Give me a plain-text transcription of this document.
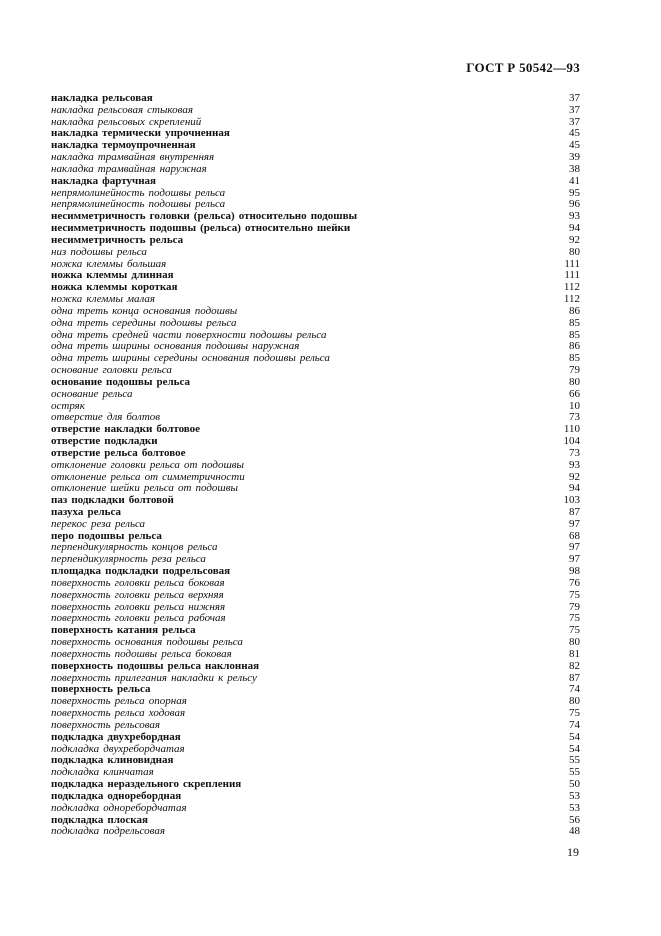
ГОСТ Р 50542—93
накладка рельсовая	37
накладка рельсовая стыковая	37
накладка рельсовых скреплений	37
накладка термически упрочненная	45
накладка термоупрочненная	45
накладка трамвайная внутренняя	39
накладка трамвайная наружная	38
накладка фартучная	41
непрямолинейность подошвы рельса	95
непрямолинейность подошвы рельса	96
несимметричность головки (рельса) относительно подошвы	93
несимметричность подошвы (рельса) относительно шейки	94
несимметричность рельса	92
низ подошвы рельса	80
ножка клеммы большая	111
ножка клеммы длинная	111
ножка клеммы короткая	112
ножка клеммы малая	112
одна треть конца основания подошвы	86
одна треть середины подошвы рельса	85
одна треть средней части поверхности подошвы рельса	85
одна треть ширины основания подошвы наружная	86
одна треть ширины середины основания подошвы рельса	85
основание головки рельса	79
основание подошвы рельса	80
основание рельса	66
остряк	10
отверстие для болтов	73
отверстие накладки болтовое	110
отверстие подкладки	104
отверстие рельса болтовое	73
отклонение головки рельса от подошвы	93
отклонение рельса от симметричности	92
отклонение шейки рельса от подошвы	94
паз подкладки болтовой	103
пазуха рельса	87
перекос реза рельса	97
перо подошвы рельса	68
перпендикулярность концов рельса	97
перпендикулярность реза рельса	97
площадка подкладки подрельсовая	98
поверхность головки рельса боковая	76
поверхность головки рельса верхняя	75
поверхность головки рельса нижняя	79
поверхность головки рельса рабочая	75
поверхность катания рельса	75
поверхность основания подошвы рельса	80
поверхность подошвы рельса боковая	81
поверхность подошвы рельса наклонная	82
поверхность прилегания накладки к рельсу	87
поверхность рельса	74
поверхность рельса опорная	80
поверхность рельса ходовая	75
поверхность рельсовая	74
подкладка двухребордная	54
подкладка двухребордчатая	54
подкладка клиновидная	55
подкладка клинчатая	55
подкладка нераздельного скрепления	50
подкладка одноребордная	53
подкладка одноребордчатая	53
подкладка плоская	56
подкладка подрельсовая	48
19
